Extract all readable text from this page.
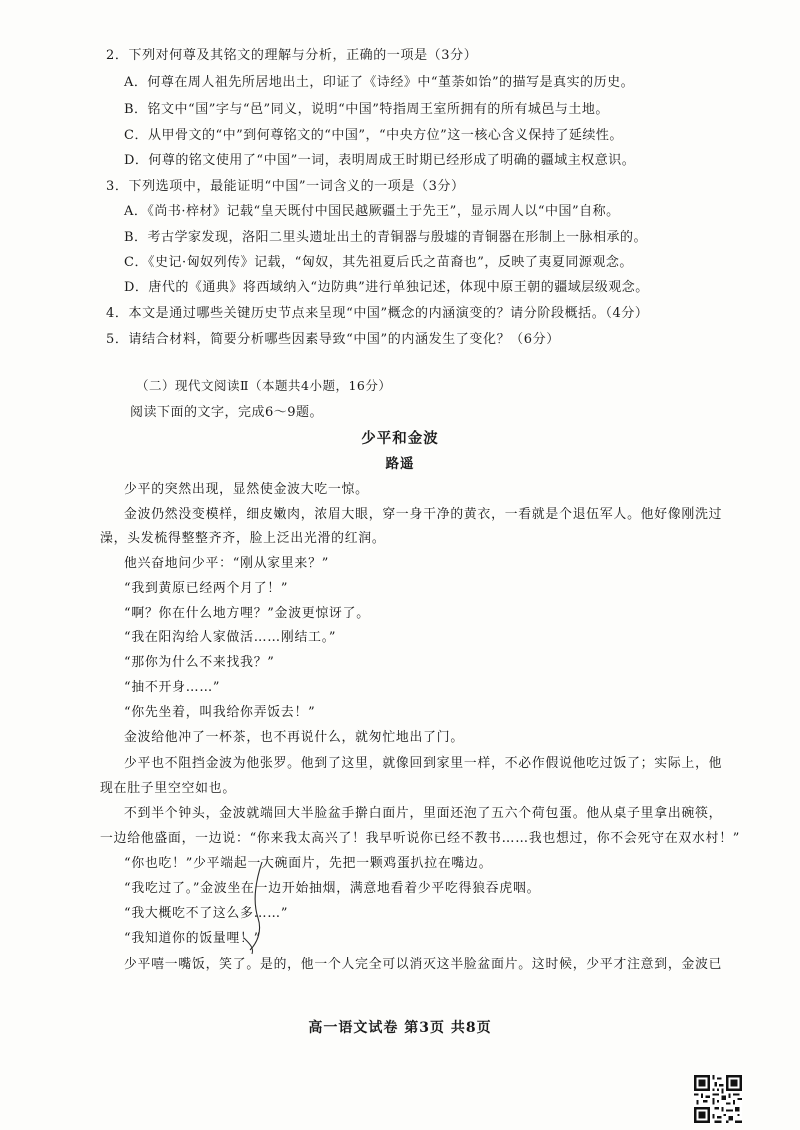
2．下列对何尊及其铭文的理解与分析，正确的一项是（3分）
A．何尊在周人祖先所居地出土，印证了《诗经》中“堇荼如饴”的描写是真实的历史。
B．铭文中“国”字与“邑”同义，说明“中国”特指周王室所拥有的所有城邑与土地。
C．从甲骨文的“中”到何尊铭文的“中国”，“中央方位”这一核心含义保持了延续性。
D．何尊的铭文使用了“中国”一词，表明周成王时期已经形成了明确的疆域主权意识。
3．下列选项中，最能证明“中国”一词含义的一项是（3分）
A．《尚书·梓材》记载“皇天既付中国民越厥疆土于先王”，显示周人以“中国”自称。
B．考古学家发现，洛阳二里头遗址出土的青铜器与殷墟的青铜器在形制上一脉相承的。
C．《史记·匈奴列传》记载，“匈奴，其先祖夏后氏之苗裔也”，反映了夷夏同源观念。
D．唐代的《通典》将西域纳入“边防典”进行单独记述，体现中原王朝的疆域层级观念。
4．本文是通过哪些关键历史节点来呈现“中国”概念的内涵演变的？请分阶段概括。（4分）
5．请结合材料，简要分析哪些因素导致“中国”的内涵发生了变化？（6分）
（二）现代文阅读Ⅱ（本题共4小题，16分）
阅读下面的文字，完成6～9题。
少平和金波
路遥
少平的突然出现，显然使金波大吃一惊。
金波仍然没变模样，细皮嫩肉，浓眉大眼，穿一身干净的黄衣，一看就是个退伍军人。他好像刚洗过
澡，头发梳得整整齐齐，脸上泛出光滑的红润。
他兴奋地问少平：“刚从家里来？”
“我到黄原已经两个月了！”
“啊？你在什么地方哩？”金波更惊讶了。
“我在阳沟给人家做活……刚结工。”
“那你为什么不来找我？”
“抽不开身……”
“你先坐着，叫我给你弄饭去！”
金波给他冲了一杯茶，也不再说什么，就匆忙地出了门。
少平也不阻挡金波为他张罗。他到了这里，就像回到家里一样，不必作假说他吃过饭了；实际上，他
现在肚子里空空如也。
不到半个钟头，金波就端回大半脸盆手擀白面片，里面还泡了五六个荷包蛋。他从桌子里拿出碗筷，
一边给他盛面，一边说：“你来我太高兴了！我早听说你已经不教书……我也想过，你不会死守在双水村！”
“你也吃！”少平端起一大碗面片，先把一颗鸡蛋扒拉在嘴边。
“我吃过了。”金波坐在一边开始抽烟，满意地看着少平吃得狼吞虎咽。
“我大概吃不了这么多……”
“我知道你的饭量哩！”
少平嘻一嘴饭，笑了。是的，他一个人完全可以消灭这半脸盆面片。这时候，少平才注意到，金波已
高一语文试卷 第3页 共8页
